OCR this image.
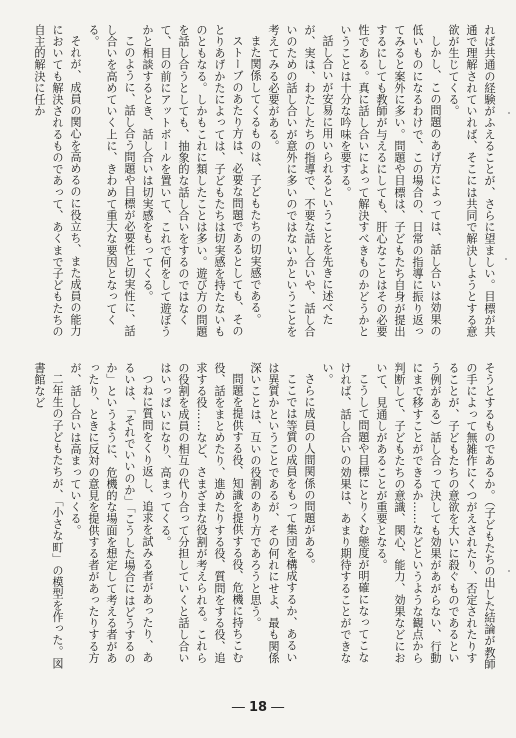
れば共通の経験がふえることが、さらに望ましい。目標が共通で理解されていれば、そこには共同で解決しようとする意欲が生じてくる。

しかし、この問題のあげ方によっては、話し合いは効果の低いものになるわけで、この場合の、日常の指導に振り返ってみると案外に多い。問題や目標は、子どもたち自身が提出するにしても教師が与えるにしても、肝心なことはその必要性である。真に話し合いによって解決すべきものかどうかということは十分な吟味を要する。

話し合いが安易に用いられるということを先きに述べたが、実は、わたしたちの指導で、不要な話し合いや、話し合いのための話し合いが意外に多いのではないかということを考えてみる必要がある。

また関係してくるものは、子どもたちの切実感である。

ストーブのあたり方は、必要な問題であるとしても、そのとりあげかたによっては、子どもたちは切実感を持たないものともなる。しかもこれに類したことは多い。遊び方の問題を話し合うとしても、抽象的な話し合いをするのではなくて、目の前にアットボールを置いて、これで何をして遊ぼうかと相談するとき、話し合いは切実感をもってくる。

このように、話し合う問題や目標が必要性と切実性に、話し合いを高めていく上に、きわめて重大な要因となってくる。

それが、成員の関心を高めるのに役立ち、また成員の能力においても解決されるものであって、あくまで子どもたちの自主的解決に任か

そうとするものであるか。（子どもたちの出した結論が教師の手によって無雑作にくつがえされたり、否定されたりすることが、子どもたちの意欲を大いに殺ぐものであるという例がある）話し合って決しても効果があがらない、行動にまで移すことができるか……などというような観点から判断して、子どもたちの意識、関心、能力、効果などにおいて、見通しがあることが重要となる。

こうして問題や目標にとりくむ態度が明確になってこなければ、話し合いの効果は、あまり期待することができない。

さらに成員の人間関係の問題がある。

ここでは等質の成員をもって集団を構成するか、あるいは異質かということであるが、その何れにせよ、最も関係深いことは、互いの役割のあり方であろうと思う。

問題を提供する役、知識を提供する役、危機に持ちこむ役、話をまとめたり、進めたりする役、質問をする役、追求する役……など、さまざまな役割が考えられる。これらの役割を成員の相互の代り合って分担していくと話し合いはいっぱいになり、高まってくる。

つねに質問をくり返し、追求を試みる者があったり、あるいは、「それでいいのか」「こうした場合にはどうするのか」というように、危機的な場面を想定して考える者があったり、ときに反対の意見を提供する者があったりする方が、話し合いは高まっていくる。

二年生の子どもたちが、「小さな町」の模型を作った。図書館など

― 18 ―
